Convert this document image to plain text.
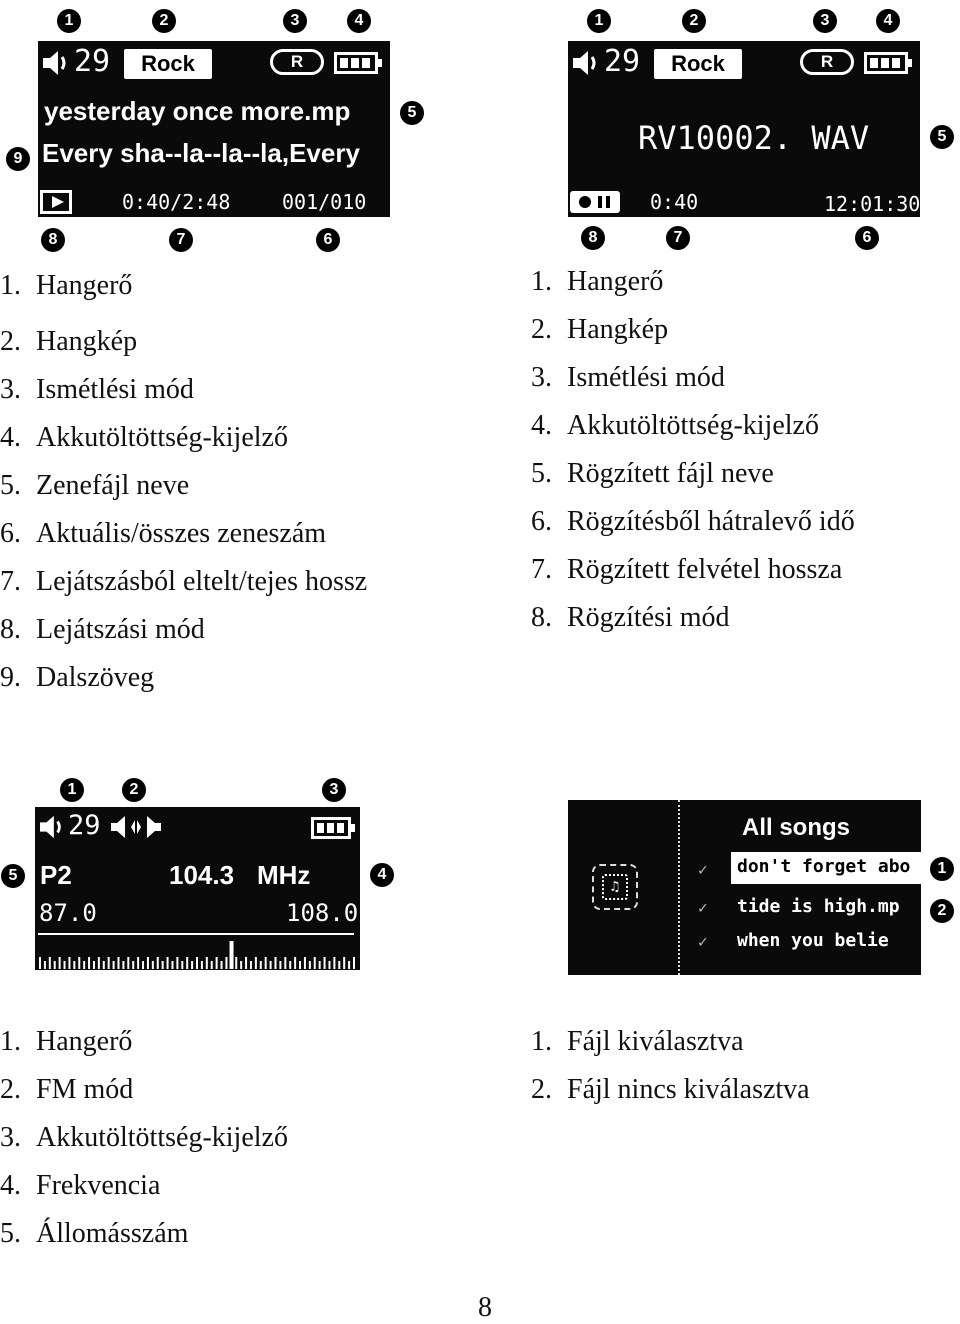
1	2	3	4
5
9
8	7	6
29	Rock	R
yesterday once more.mp
Every sha--la--la--la,Every
0:40/2:48	001/010
1. Hangerő
2. Hangkép
3. Ismétlési mód
4. Akkutöltöttség-kijelző
5. Zenefájl neve
6. Aktuális/összes zeneszám
7. Lejátszásból eltelt/tejes hossz
8. Lejátszási mód
9. Dalszöveg
1	2	3	4
5
8	7	6
29	Rock	R
RV10002. WAV
0:40	12:01:30
1. Hangerő
2. Hangkép
3. Ismétlési mód
4. Akkutöltöttség-kijelző
5. Rögzített fájl neve
6. Rögzítésből hátralevő idő
7. Rögzített felvétel hossza
8. Rögzítési mód
1	2	3
5	4
29
P2	104.3 MHz
87.0	108.0
1. Hangerő
2. FM mód
3. Akkutöltöttség-kijelző
4. Frekvencia
5. Állomásszám
1
2
♫
All songs
don't forget abo
✓
tide is high.mp
✓
when you belie
✓
1. Fájl kiválasztva
2. Fájl nincs kiválasztva
8
